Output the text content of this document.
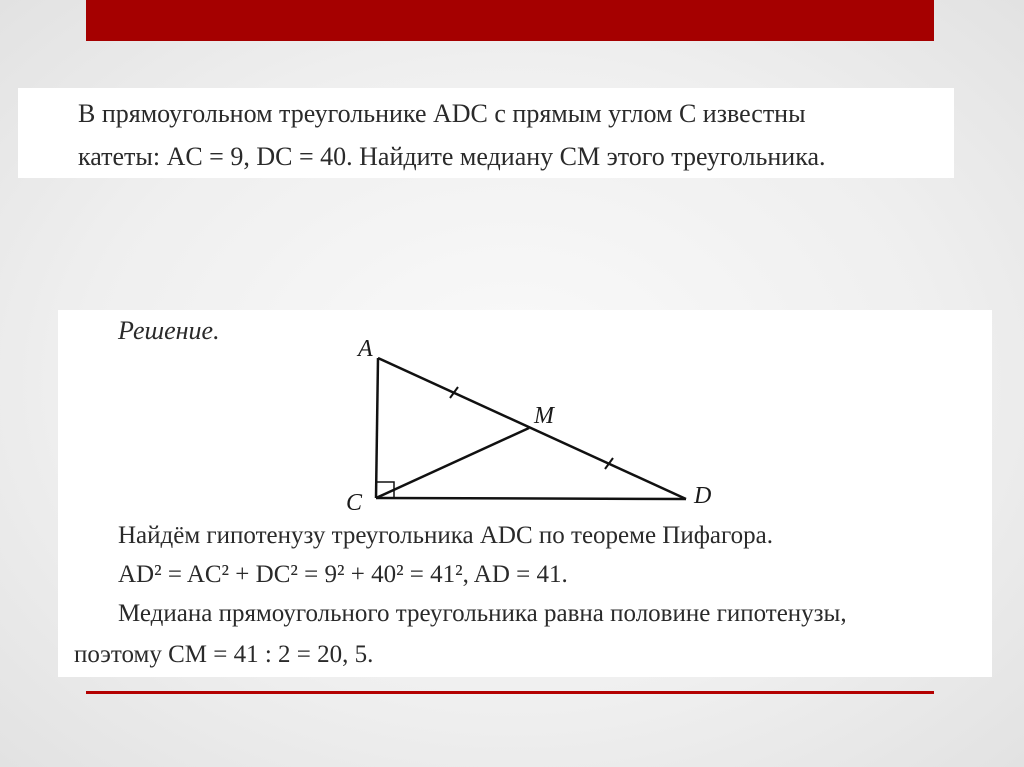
В прямоугольном треугольнике ADC с прямым углом C известны
катеты: AC = 9, DC = 40. Найдите медиану CM этого треугольника.
A
C	D
M
Решение.
Найдём гипотенузу треугольника ADC по теореме Пифагора.
AD² = AC² + DC² = 9² + 40² = 41², AD = 41.
Медиана прямоугольного треугольника равна половине гипотенузы,
поэтому CM = 41 : 2 = 20, 5.
